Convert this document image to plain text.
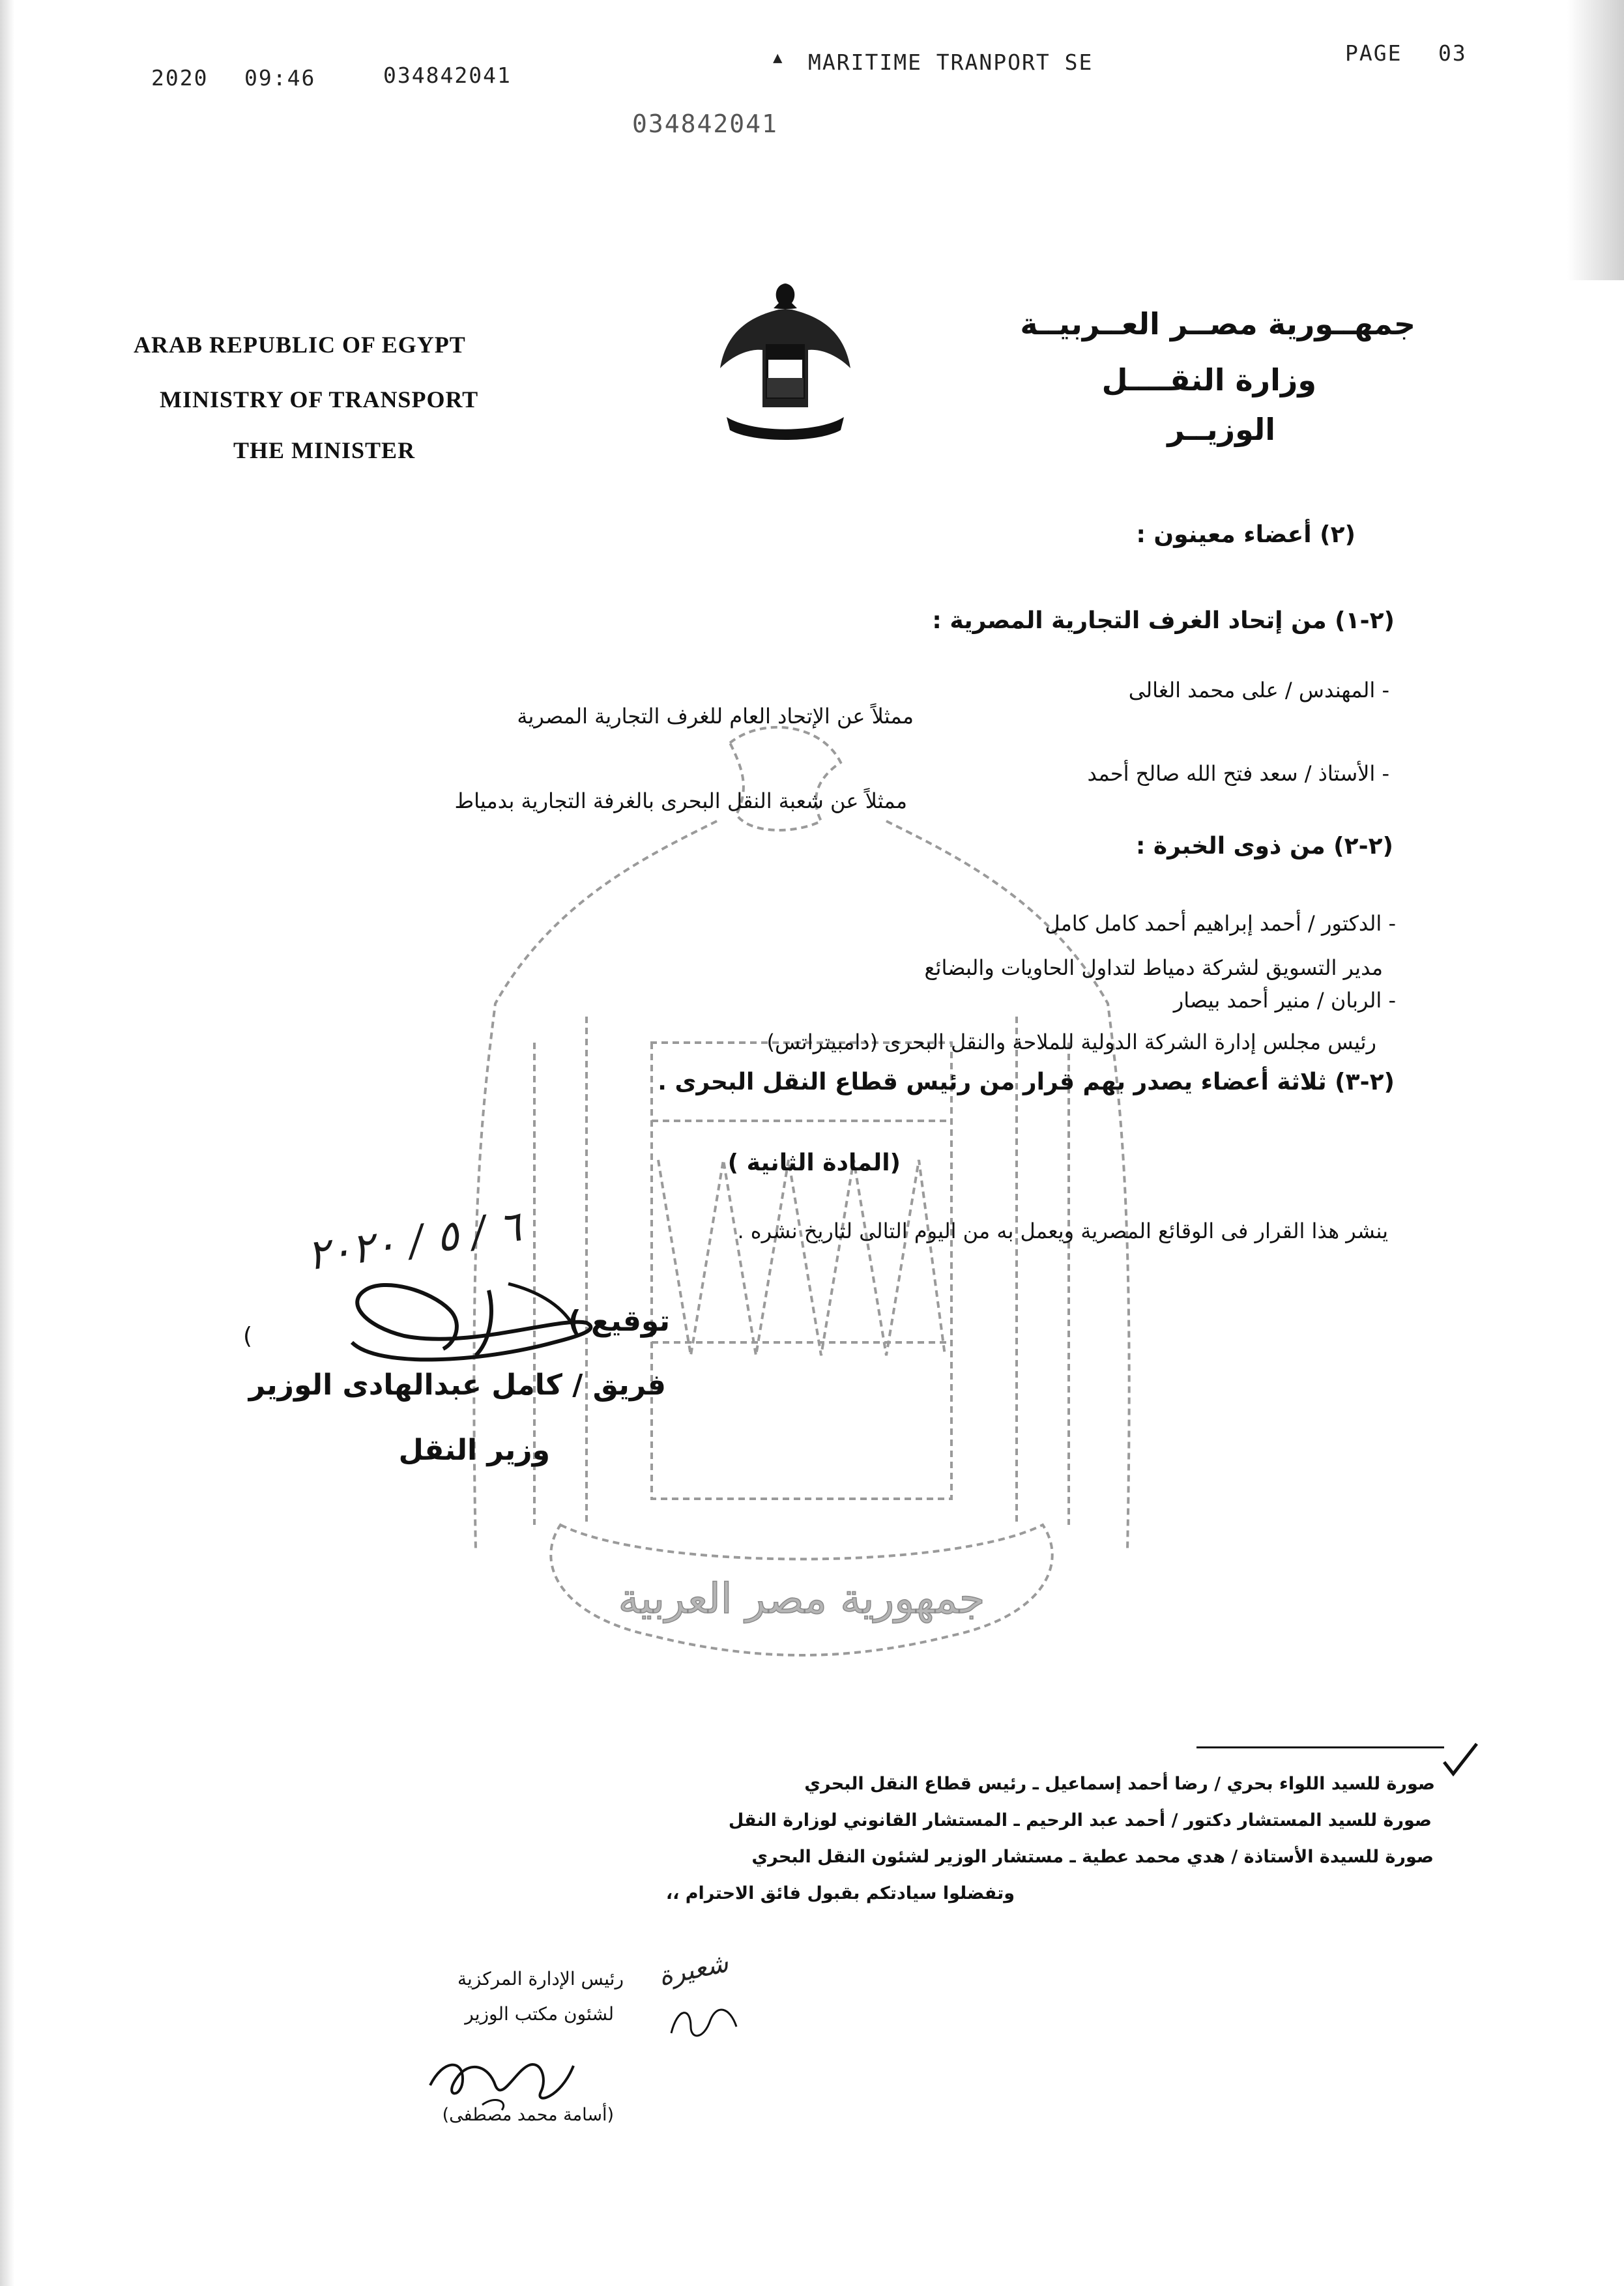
2020 09:46	034842041
▲ MARITIME TRANPORT SE	PAGE 03
034842041
ARAB REPUBLIC OF EGYPT
MINISTRY OF TRANSPORT
THE MINISTER
جمهــورية مصــر العــربيــة
وزارة النقــــل
الوزيــر
جمهورية مصر العربية
(٢) أعضاء معينون :
(٢-١) من إتحاد الغرف التجارية المصرية :
- المهندس / على محمد الغالى
ممثلاً عن الإتحاد العام للغرف التجارية المصرية
- الأستاذ / سعد فتح الله صالح أحمد
ممثلاً عن شعبة النقل البحرى بالغرفة التجارية بدمياط
(٢-٢) من ذوى الخبرة :
- الدكتور / أحمد إبراهيم أحمد كامل كامل
مدير التسويق لشركة دمياط لتداول الحاويات والبضائع
- الربان / منير أحمد بيصار
رئيس مجلس إدارة الشركة الدولية للملاحة والنقل البحرى (دامبيتراتس)
(٢-٣) ثلاثة أعضاء يصدر بهم قرار من رئيس قطاع النقل البحرى .
(المادة الثانية )
ينشر هذا القرار فى الوقائع المصرية ويعمل به من اليوم التالى لتاريخ نشره .
٦ / ٥ / ٢٠٢٠
(	توقيع )
فريق / كامل عبدالهادى الوزير
وزير النقل
صورة للسيد اللواء بحري / رضا أحمد إسماعيل ـ رئيس قطاع النقل البحري
صورة للسيد المستشار دكتور / أحمد عبد الرحيم ـ المستشار القانوني لوزارة النقل
صورة للسيدة الأستاذة / هدي محمد عطية ـ مستشار الوزير لشئون النقل البحري
وتفضلوا سيادتكم بقبول فائق الاحترام ،،
رئيس الإدارة المركزية
لشئون مكتب الوزير
(أسامة محمد مصطفى)
شعيرة
